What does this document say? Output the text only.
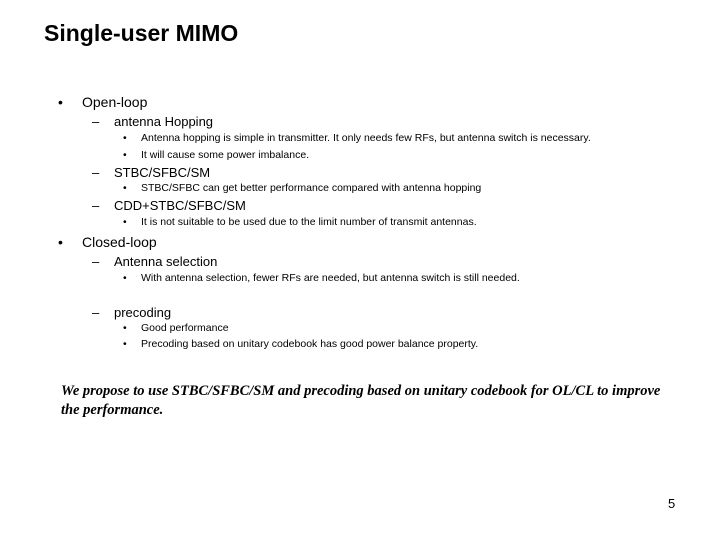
Single-user MIMO
• Open-loop
– antenna Hopping
• Antenna hopping is simple in transmitter. It only needs few RFs, but antenna switch is necessary.
• It will cause some power imbalance.
– STBC/SFBC/SM
• STBC/SFBC can get better performance compared with antenna hopping
– CDD+STBC/SFBC/SM
• It is not suitable to be used due to the limit number of transmit antennas.
• Closed-loop
– Antenna selection
• With antenna selection, fewer RFs are needed, but antenna switch is still needed.
– precoding
• Good performance
• Precoding based on unitary codebook has good power balance property.
We propose to use STBC/SFBC/SM and precoding based on unitary codebook for OL/CL to improve the performance.
5
